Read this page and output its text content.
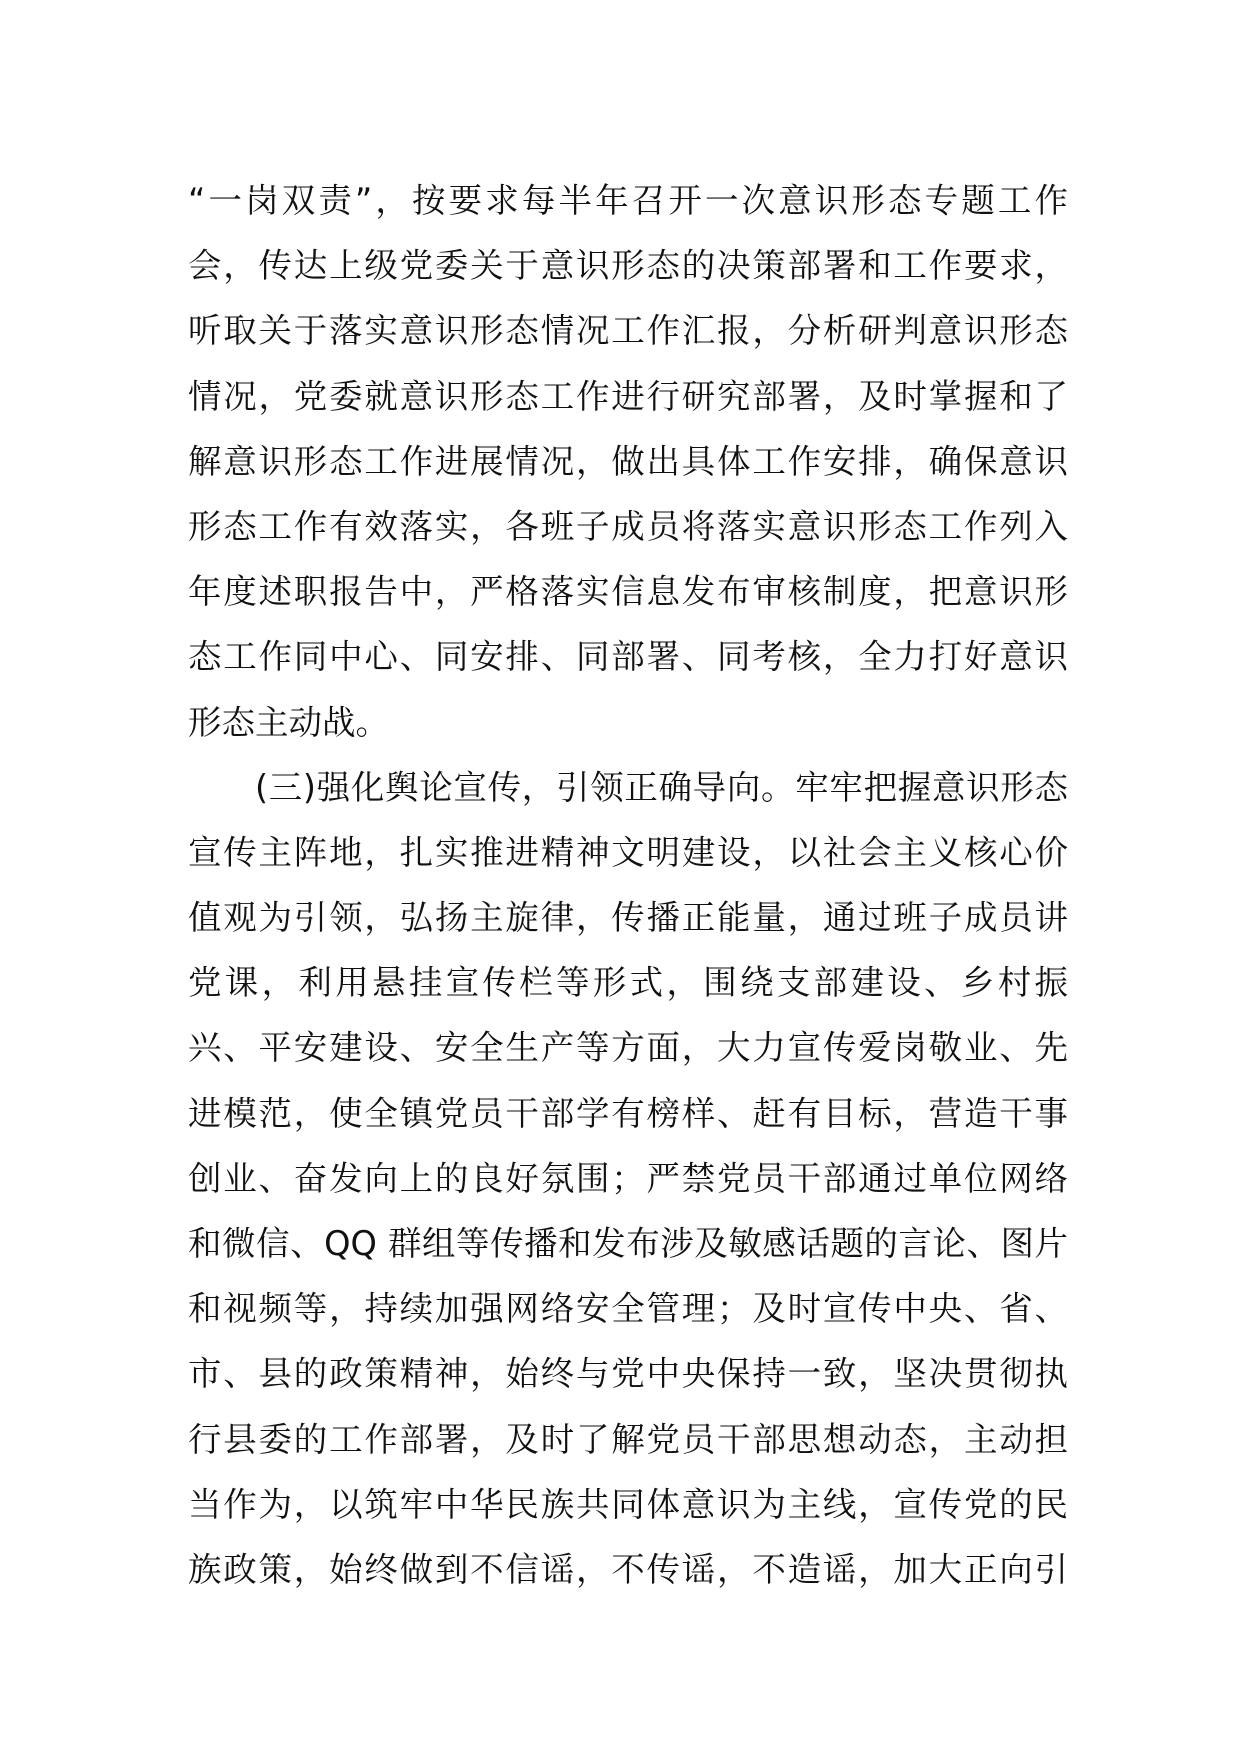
“一岗双责”，按要求每半年召开一次意识形态专题工作
会，传达上级党委关于意识形态的决策部署和工作要求，
听取关于落实意识形态情况工作汇报，分析研判意识形态
情况，党委就意识形态工作进行研究部署，及时掌握和了
解意识形态工作进展情况，做出具体工作安排，确保意识
形态工作有效落实，各班子成员将落实意识形态工作列入
年度述职报告中，严格落实信息发布审核制度，把意识形
态工作同中心、同安排、同部署、同考核，全力打好意识
形态主动战。
(三)强化舆论宣传，引领正确导向。牢牢把握意识形态
宣传主阵地，扎实推进精神文明建设，以社会主义核心价
值观为引领，弘扬主旋律，传播正能量，通过班子成员讲
党课，利用悬挂宣传栏等形式，围绕支部建设、乡村振
兴、平安建设、安全生产等方面，大力宣传爱岗敬业、先
进模范，使全镇党员干部学有榜样、赶有目标，营造干事
创业、奋发向上的良好氛围；严禁党员干部通过单位网络
和微信、QQ 群组等传播和发布涉及敏感话题的言论、图片
和视频等，持续加强网络安全管理；及时宣传中央、省、
市、县的政策精神，始终与党中央保持一致，坚决贯彻执
行县委的工作部署，及时了解党员干部思想动态，主动担
当作为，以筑牢中华民族共同体意识为主线，宣传党的民
族政策，始终做到不信谣，不传谣，不造谣，加大正向引
